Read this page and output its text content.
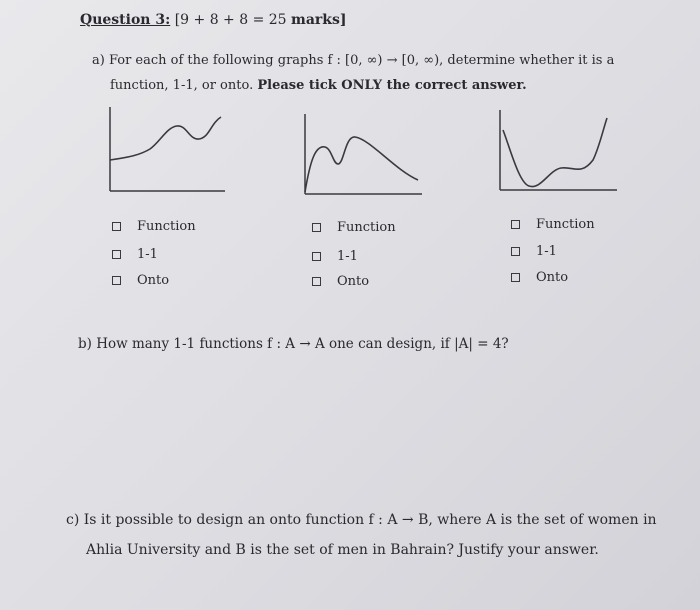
Question 3: [9 + 8 + 8 = 25 marks]
a) For each of the following graphs f : [0, ∞) → [0, ∞), determine whether it is a
function, 1-1, or onto. Please tick ONLY the correct answer.
Function
1-1
Onto
Function
1-1
Onto
Function
1-1
Onto
b) How many 1-1 functions f : A → A one can design, if |A| = 4?
c) Is it possible to design an onto function f : A → B, where A is the set of women in
Ahlia University and B is the set of men in Bahrain? Justify your answer.
